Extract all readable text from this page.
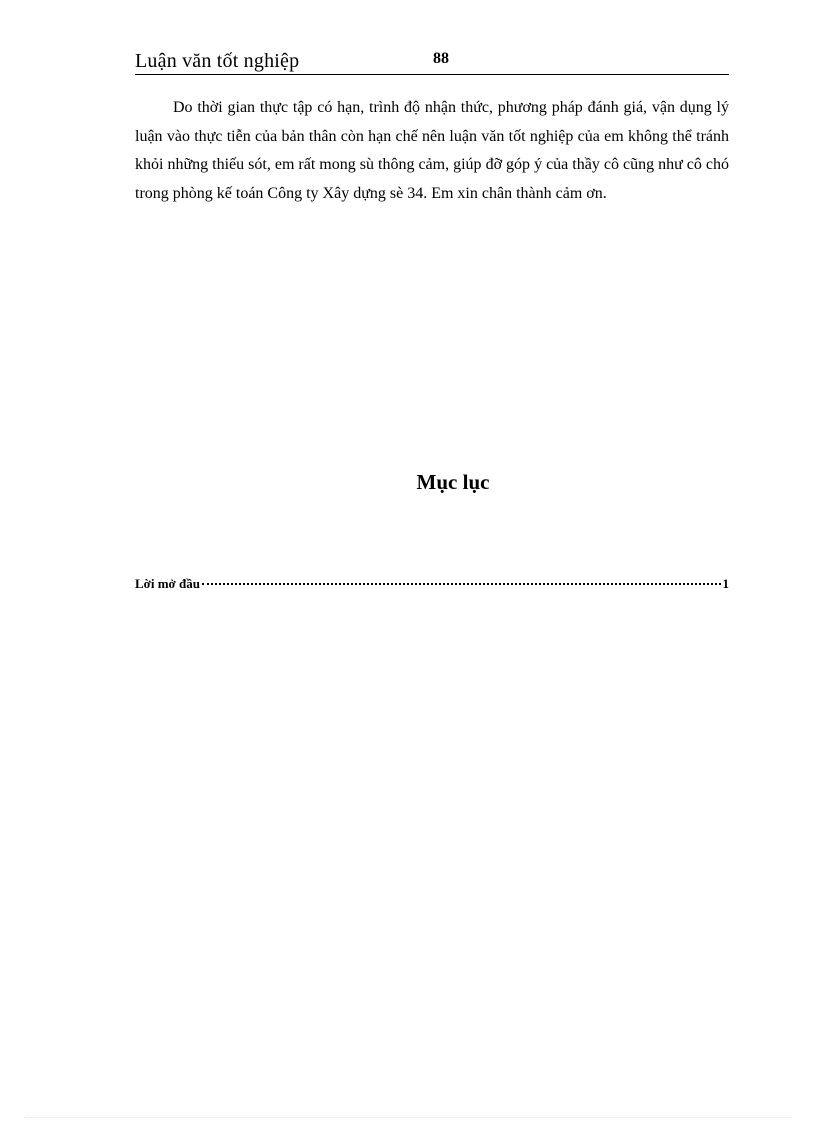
Luận văn tốt nghiệp	88

Do thời gian thực tập có hạn, trình độ nhận thức, phương pháp đánh giá, vận dụng lý luận vào thực tiễn của bản thân còn hạn chế nên luận văn tốt nghiệp của em không thể tránh khỏi những thiếu sót, em rất mong sù thông cảm, giúp đỡ góp ý của thầy cô cũng như cô chó trong phòng kế toán Công ty Xây dựng sè 34. Em xin chân thành cảm ơn.

Mục lục
Lời mở đầu	1
